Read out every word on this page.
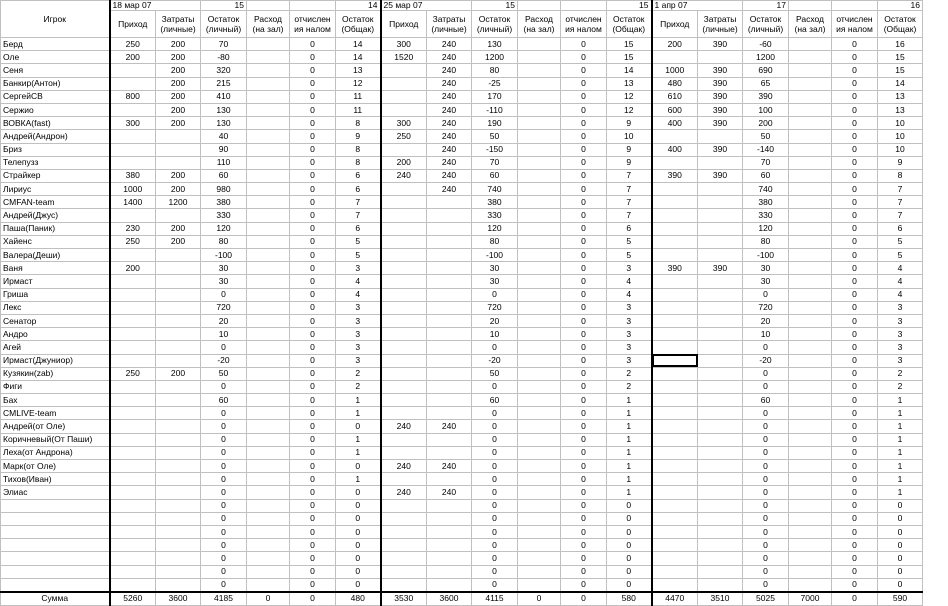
Игрок	18 мар 07		15			14	25 мар 07		15			15	1 апр 07		17			16
	Приход	Затраты (личные)	Остаток (личный)	Расход (на зал)	отчислен ия налом	Остаток (Общак)	Приход	Затраты (личные)	Остаток (личный)	Расход (на зал)	отчислен ия налом	Остаток (Общак)	Приход	Затраты (личные)	Остаток (личный)	Расход (на зал)	отчислен ия налом	Остаток (Общак)
Берд	250	200	70		0	14	300	240	130		0	15	200	390	-60		0	16
Оле	200	200	-80		0	14	1520	240	1200		0	15			1200		0	15
Сеня		200	320		0	13		240	80		0	14	1000	390	690		0	15
Банкир(Антон)		200	215		0	12		240	-25		0	13	480	390	65		0	14
СергейСВ	800	200	410		0	11		240	170		0	12	610	390	390		0	13
Сержио		200	130		0	11		240	-110		0	12	600	390	100		0	13
ВОВКА(fast)	300	200	130		0	8	300	240	190		0	9	400	390	200		0	10
Андрей(Андрон)			40		0	9	250	240	50		0	10			50		0	10
Бриз			90		0	8		240	-150		0	9	400	390	-140		0	10
Телепузз			110		0	8	200	240	70		0	9			70		0	9
Страйкер	380	200	60		0	6	240	240	60		0	7	390	390	60		0	8
Лириус	1000	200	980		0	6		240	740		0	7			740		0	7
CMFAN-team	1400	1200	380		0	7			380		0	7			380		0	7
Андрей(Джус)			330		0	7			330		0	7			330		0	7
Паша(Паник)	230	200	120		0	6			120		0	6			120		0	6
Хайенс	250	200	80		0	5			80		0	5			80		0	5
Валера(Деши)			-100		0	5			-100		0	5			-100		0	5
Ваня	200		30		0	3			30		0	3	390	390	30		0	4
Ирмаст			30		0	4			30		0	4			30		0	4
Гриша			0		0	4			0		0	4			0		0	4
Лекс			720		0	3			720		0	3			720		0	3
Сенатор			20		0	3			20		0	3			20		0	3
Андро			10		0	3			10		0	3			10		0	3
Агей			0		0	3			0		0	3			0		0	3
Ирмаст(Джуниор)			-20		0	3			-20		0	3			-20		0	3
Кузякин(zab)	250	200	50		0	2			50		0	2			0		0	2
Фиги			0		0	2			0		0	2			0		0	2
Бах			60		0	1			60		0	1			60		0	1
CMLIVE-team			0		0	1			0		0	1			0		0	1
Андрей(от Оле)			0		0	0	240	240	0		0	1			0		0	1
Коричневый(От Паши)			0		0	1			0		0	1			0		0	1
Леха(от Андрона)			0		0	1			0		0	1			0		0	1
Марк(от Оле)			0		0	0	240	240	0		0	1			0		0	1
Тихов(Иван)			0		0	1			0		0	1			0		0	1
Элиас			0		0	0	240	240	0		0	1			0		0	1
			0		0	0			0		0	0			0		0	0
			0		0	0			0		0	0			0		0	0
			0		0	0			0		0	0			0		0	0
			0		0	0			0		0	0			0		0	0
			0		0	0			0		0	0			0		0	0
			0		0	0			0		0	0			0		0	0
			0		0	0			0		0	0			0		0	0
Сумма	5260	3600	4185	0	0	480	3530	3600	4115	0	0	580	4470	3510	5025	7000	0	590
